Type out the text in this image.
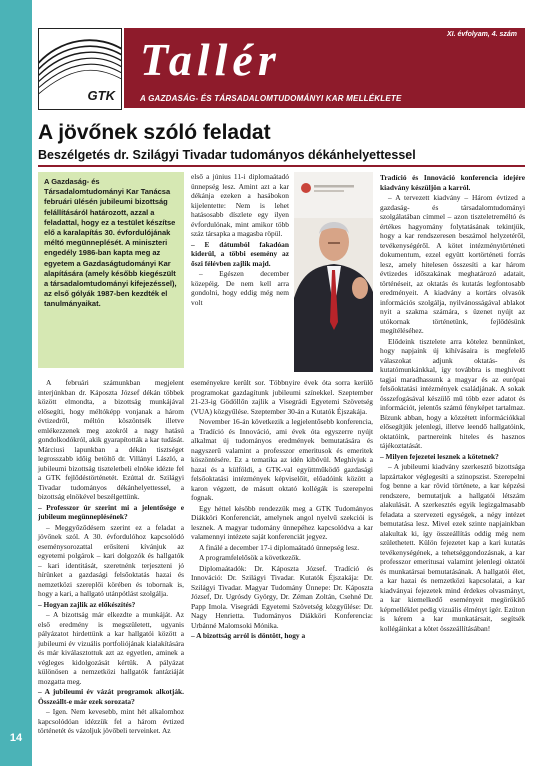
14
GTK
XI. évfolyam, 4. szám
Tallér
A GAZDASÁG- ÉS TÁRSADALOMTUDOMÁNYI KAR MELLÉKLETE
A jövőnek szóló feladat
Beszélgetés dr. Szilágyi Tivadar tudományos dékánhelyettessel

A Gazdaság- és Társadalomtudományi Kar Tanácsa februári ülésén jubileumi bizottság felállításáról határozott, azzal a feladattal, hogy ez a testület készítse elő a karalapítás 30. évfordulójának méltó megünneplését. A miniszteri engedély 1986-ban kapta meg az egyetem a Gazdaságtudományi Kar alapítására (amely később kiegészült a társadalomtudományi kifejezéssel), az első gólyák 1987-ben kezdték el tanulmányaikat.

A februári számunkban megjelent interjúnkban dr. Káposzta József dékán többek között elmondta, a bizottság munkájával elősegíti, hogy méltóképp vonjanak a három évtizedről, méltón köszöntsék illetve emlékezzenek meg azokról a nagy hatású gondolkodókról, akik gyarapították a kar tudását. Márciusi lapunkban a dékán tisztséget legrosszabb időig betöltő dr. Villányi László, a jubileumi bizottság tiszteletbeli elnöke idézte fel a GTK fejlődéstörténetét. Ezúttal dr. Szilágyi Tivadar tudományos dékánhelyettessel, a bizottság elnökével beszélgettünk.

– Professzor úr szerint mi a jelentősége e jubileum megünneplésének?

– Meggyőződésem szerint ez a feladat a jövőnek szól. A 30. évfordulóhoz kapcsolódó eseménysorozattal erősíteni kívánjuk az egyetemi polgárok – kari dolgozók és hallgatók – kari identitását, szeretnénk terjeszteni jó hírünket a gazdasági felsőoktatás hazai és nemzetközi szereplői körében és tobornak is, hogy a kari, a hallgató utánpótlást szolgálja.

– Hogyan zajlik az előkészítés?

– A bizottság már elkezdte a munkáját. Az első eredmény is megszületett, ugyanis pályázatot hirdettünk a kar hallgatói között a jubileumi év vizuális portfoliójának kialakítására és már kiválasztottuk azt az egyetlen, aminek a végleges kidolgozását kértük. A pályázat különösen a nemzetközi hallgatók fantáziáját mozgatta meg.

– A jubileumi év vázát programok alkotják. Összeállt-e már ezek sorozata?

– Igen. Nem kevesebb, mint hét alkalomhoz kapcsolódóan idézzük fel a három évtized történetét és vázoljuk jövőbeli terveinket. Az

első a június 11-i diplomaátadó ünnepség lesz. Amint azt a kar dékánja ezeken a hasábokon kijelentette: Nem is lehet hatásosabb díszlete egy ilyen évfordulónak, mint amikor több száz társapka a magasba röpül.

– E dátumból fakadóan kiderül, a többi esemény az őszi félévben zajlik majd.

– Egészen december közepéig. De nem kell arra gondolni, hogy eddig még nem volt

eseményekre került sor. Többnyire évek óta sorra kerülő programokat gazdagítunk jubileumi színekkel. Szeptember 21-23-ig Gödöllőn zajlik a Visegrádi Egyetemi Szövetség (VUA) közgyűlése. Szeptember 30-án a Kutatók Éjszakája.

November 16-án következik a legjelentősebb konferencia, a Tradíció és Innováció, ami évek óta egyszerre nyújt alkalmat új tudományos eredmények bemutatására és nagyszerű valamint a professzor emeritusok és emeritek köszöntésére. Ez a tematika az idén kibővül. Meghívjuk a hazai és a külföldi, a GTK-val együttműködő gazdasági felsőoktatási intézmények képviselőit, előadóink között a karon végzett, de másutt oktató kollégák is szerepelni fognak.

Egy héttel később rendezzük meg a GTK Tudományos Diákköri Konferenciát, amelynek angol nyelvű szekciói is lesznek. A magyar tudomány ünnepéhez kapcsolódva a kar valamennyi intézete saját konferenciát jegyez.

A finálé a december 17-i diplomaátadó ünnepség lesz.

A programfelelősök a következők.

Diplomaátadók: Dr. Káposzta József. Tradíció és Innováció: Dr. Szilágyi Tivadar. Kutatók Éjszakája: Dr. Szilágyi Tivadar. Magyar Tudomány Ünnepe: Dr. Káposzta József, Dr. Ugrósdy György, Dr. Zéman Zoltán, Csehné Dr. Papp Imola. Visegrádi Egyetemi Szövetség közgyűlése: Dr. Nagy Henrietta. Tudományos Diákköri Konferencia: Urbánné Malomsoki Mónika.

– A bizottság arról is döntött, hogy a

Tradíció és Innováció konferencia idejére kiadvány készüljön a karról.

– A tervezett kiadvány – Három évtized a gazdaság- és társadalomtudományi szolgálatában címmel – azon tiszteletreméltó és értékes hagyomány folytatásának tekintjük, hogy a kar rendszeresen beszámol helyzetéről, tevékenységéről. A kötet intézménytörténeti dokumentum, ezzel együtt kortörténeti forrás lesz, amely hitelesen összesíti a kar három évtizedes időszakának meghatározó adatait, történéseit, az oktatás és kutatás legfontosabb eredményeit. A kiadvány a kortárs olvasók információs szolgálja, nyilvánosságával ablakot nyit a szakma számára, s üzenet nyújt az utókornak történetünk, fejlődésünk megítéléséhez.

Elődeink tisztelete arra kötelez bennünket, hogy napjaink új kihívásaira is megfelelő válaszokat adjunk oktatás- és kutatómunkánkkal, így továbbra is meghívott tagjai maradhassunk a magyar és az európai felsőoktatási intézmények családjának. A sokak összefogásával készülő mű több ezer adatot és információt, jelentős számú fényképet tartalmaz. Bízunk abban, hogy a közzétett információkkal elősegítjük jelenlegi, illetve leendő hallgatóink, oktatóink, partnereink hiteles és hasznos tájékoztatását.

– Milyen fejezetei lesznek a kötetnek?

– A jubileumi kiadvány szerkesztő bizottsága lapzártakor véglegesíti a szinopszist. Szerepelni fog benne a kar rövid története, a kar képzési rendszere, bemutatjuk a hallgatói létszám alakulását. A szerkesztés egyik legizgalmasabb feladata a szervezeti egységek, a négy intézet bemutatása lesz. Mivel ezek szinte napjainkban alakultak ki, így összeállítás oddig még nem születhetett. Külön fejezetet kap a kari kutatás tevékenységének, a tehetséggondozásnak, a kar professzor emeritusai valamint jelenlegi oktatói és munkatársai bemutatásának. A hallgatói élet, a kar hazai és nemzetközi kapcsolatai, a kar kiadványai fejezetek mind érdekes olvasmányt, a kar kiemelkedő eseményeit megörökítő képmelléklet pedig vizuális élményt ígér. Ezúton is kérem a kar munkatársait, segítsék kollégáinkat a kötet összeállításában!
